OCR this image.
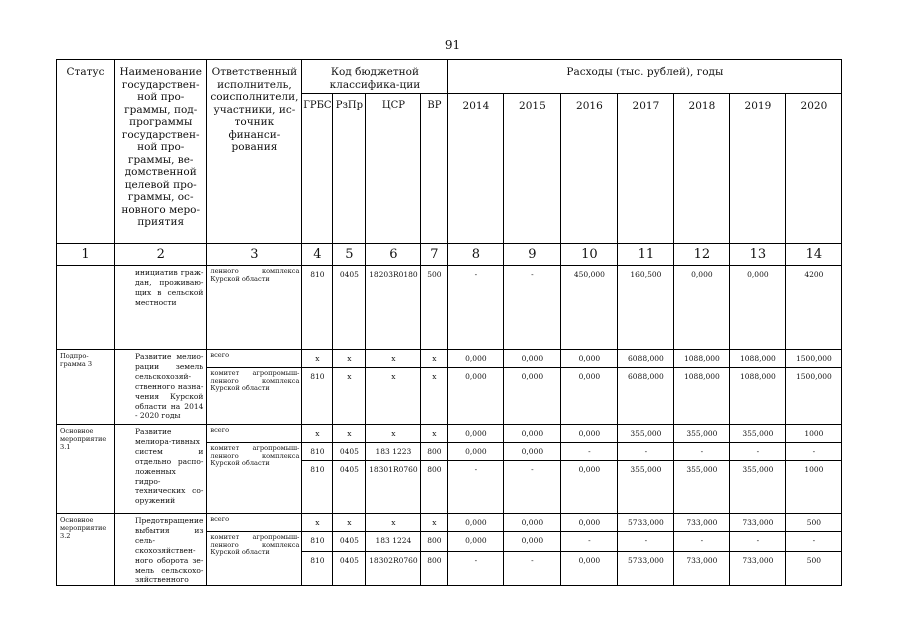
91
Статус	Наименование государствен-ной про-граммы, под-программы государствен-ной про-граммы, ве-домственной целевой про-граммы, ос-новного меро-приятия	Ответственный исполнитель, соисполнители, участники, ис-точник финанси-рования	Код бюджетной классифика-ции				Расходы (тыс. рублей), годы						
			ГРБС	РзПр	ЦСР	ВР	2014	2015	2016	2017	2018	2019	2020
1	2	3	4	5	6	7	8	9	10	11	12	13	14
	инициатив граж-дан, проживаю-щих в сельской местности	ленного комплекса Курской области	810	0405	18203R0180	500	-	-	450,000	160,500	0,000	0,000	4200
Подпро-грамма 3	Развитие мелио-рации земель сельскохозяй-ственного назна-чения Курской области на 2014 - 2020 годы	всего	х	х	х	х	0,000	0,000	0,000	6088,000	1088,000	1088,000	1500,000
		комитет агропромыш-ленного комплекса Курской области	810	х	х	х	0,000	0,000	0,000	6088,000	1088,000	1088,000	1500,000
Основное мероприятие 3.1	Развитие мелиора-тивных систем и отдельно распо-ложенных гидро-технических со-оружений	всего	х	х	х	х	0,000	0,000	0,000	355,000	355,000	355,000	1000
		комитет агропромыш-ленного комплекса Курской области	810	0405	183 1223	800	0,000	0,000	-	-	-	-	-
			810	0405	18301R0760	800	-	-	0,000	355,000	355,000	355,000	1000
Основное мероприятие 3.2	Предотвращение выбытия из сель-скохозяйствен-ного оборота зе-мель сельскохо-зяйственного	всего	х	х	х	х	0,000	0,000	0,000	5733,000	733,000	733,000	500
		комитет агропромыш-ленного комплекса Курской области	810	0405	183 1224	800	0,000	0,000	-	-	-	-	-
			810	0405	18302R0760	800	-	-	0,000	5733,000	733,000	733,000	500
